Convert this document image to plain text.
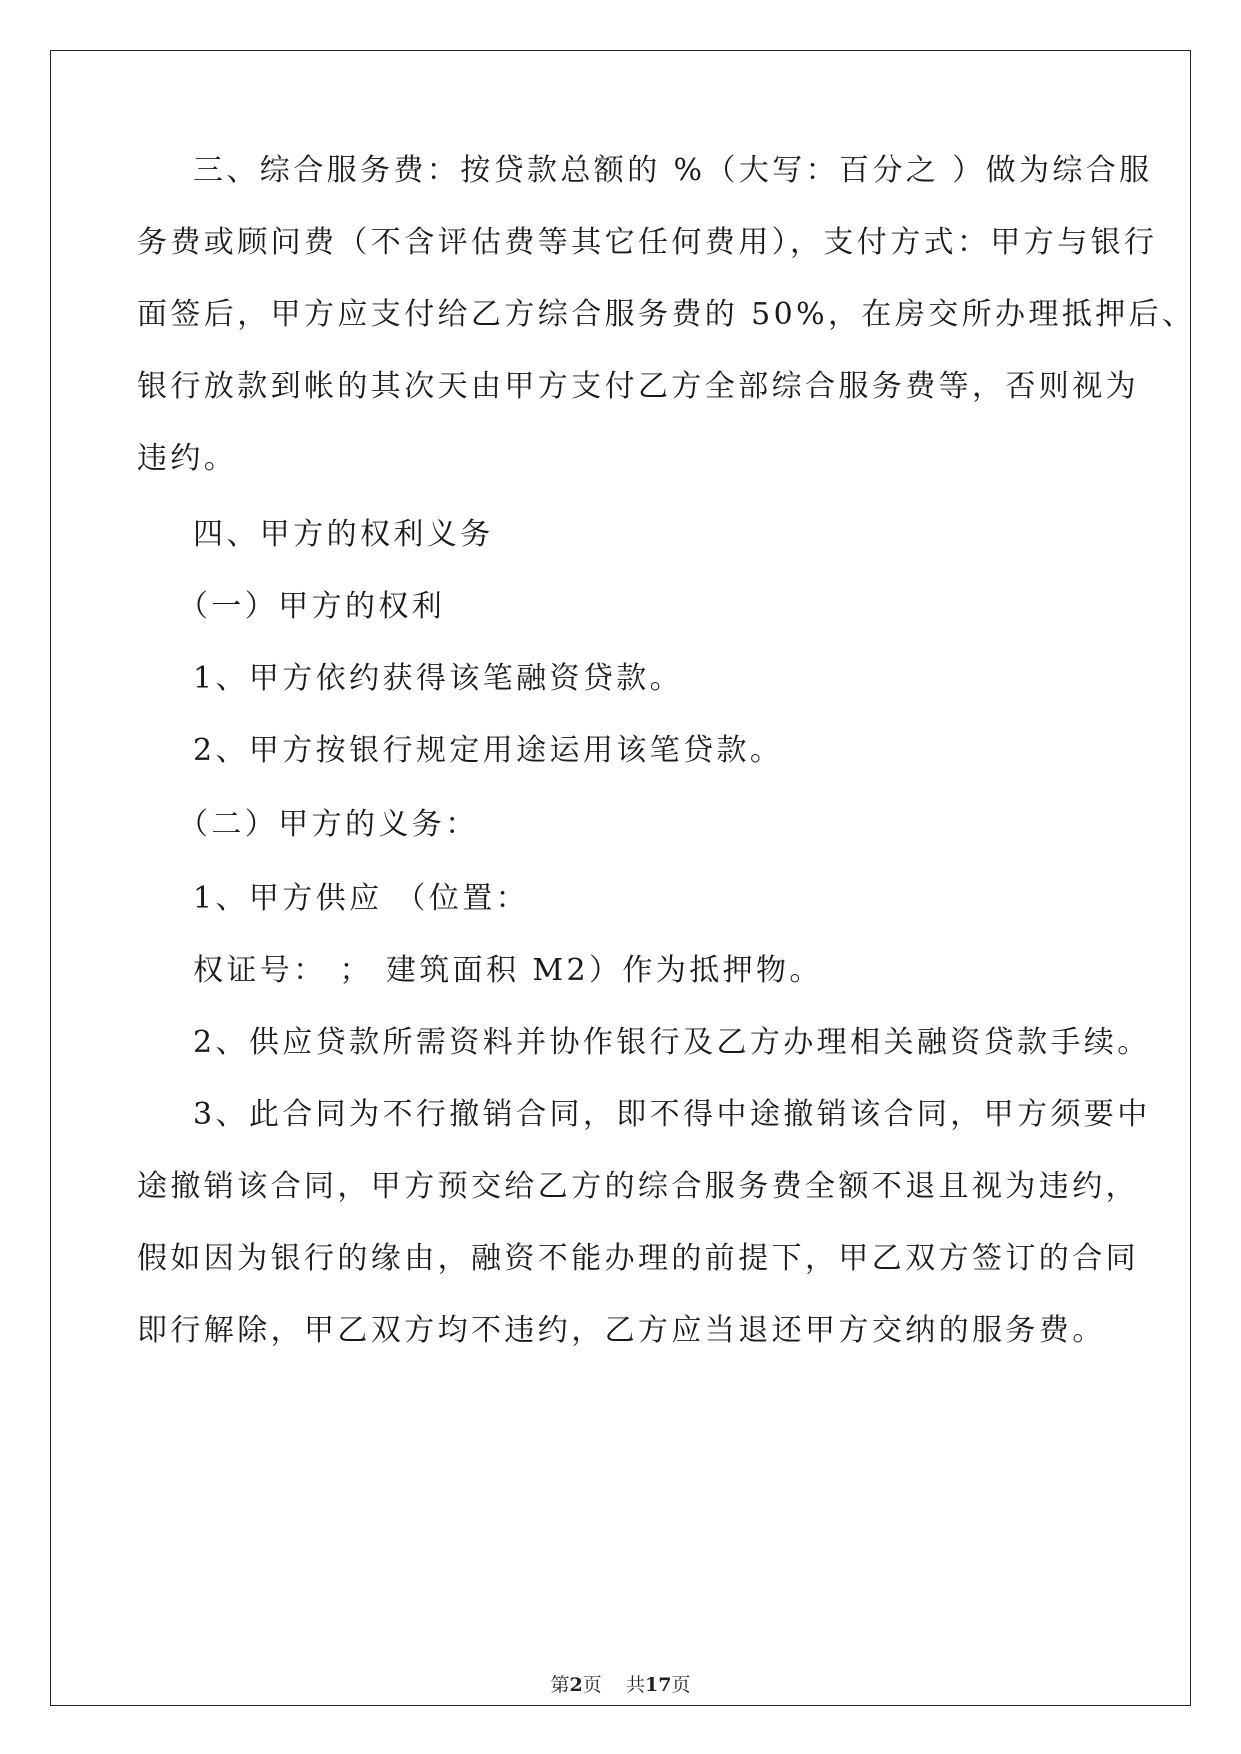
三、综合服务费：按贷款总额的 %（大写：百分之 ）做为综合服

务费或顾问费（不含评估费等其它任何费用），支付方式：甲方与银行

面签后，甲方应支付给乙方综合服务费的 50%，在房交所办理抵押后、

银行放款到帐的其次天由甲方支付乙方全部综合服务费等，否则视为

违约。

四、甲方的权利义务

（一）甲方的权利

1、甲方依约获得该笔融资贷款。

2、甲方按银行规定用途运用该笔贷款。

（二）甲方的义务：

1、甲方供应 （位置：

权证号： ； 建筑面积 M2）作为抵押物。

2、供应贷款所需资料并协作银行及乙方办理相关融资贷款手续。

3、此合同为不行撤销合同，即不得中途撤销该合同，甲方须要中

途撤销该合同，甲方预交给乙方的综合服务费全额不退且视为违约，

假如因为银行的缘由，融资不能办理的前提下，甲乙双方签订的合同

即行解除，甲乙双方均不违约，乙方应当退还甲方交纳的服务费。

第2页 共17页
